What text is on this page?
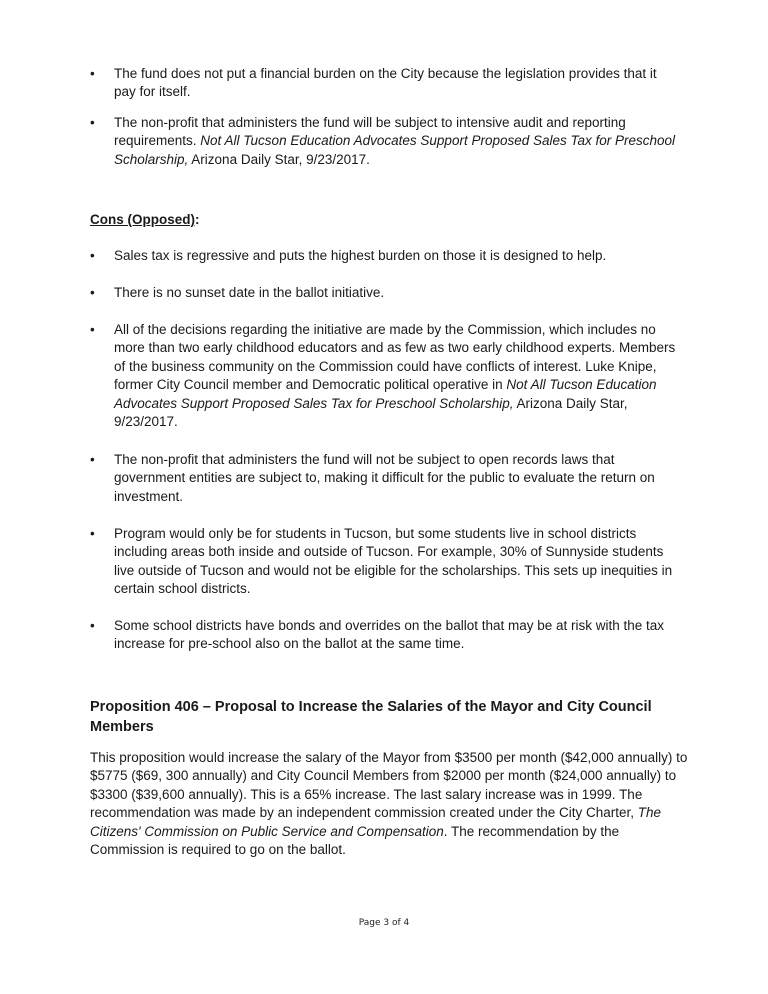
• The fund does not put a financial burden on the City because the legislation provides that it pay for itself.
• The non-profit that administers the fund will be subject to intensive audit and reporting requirements. Not All Tucson Education Advocates Support Proposed Sales Tax for Preschool Scholarship, Arizona Daily Star, 9/23/2017.
Cons (Opposed):
• Sales tax is regressive and puts the highest burden on those it is designed to help.
• There is no sunset date in the ballot initiative.
• All of the decisions regarding the initiative are made by the Commission, which includes no more than two early childhood educators and as few as two early childhood experts. Members of the business community on the Commission could have conflicts of interest. Luke Knipe, former City Council member and Democratic political operative in Not All Tucson Education Advocates Support Proposed Sales Tax for Preschool Scholarship, Arizona Daily Star, 9/23/2017.
• The non-profit that administers the fund will not be subject to open records laws that government entities are subject to, making it difficult for the public to evaluate the return on investment.
• Program would only be for students in Tucson, but some students live in school districts including areas both inside and outside of Tucson. For example, 30% of Sunnyside students live outside of Tucson and would not be eligible for the scholarships. This sets up inequities in certain school districts.
• Some school districts have bonds and overrides on the ballot that may be at risk with the tax increase for pre-school also on the ballot at the same time.
Proposition 406 – Proposal to Increase the Salaries of the Mayor and City Council Members
This proposition would increase the salary of the Mayor from $3500 per month ($42,000 annually) to $5775 ($69, 300 annually) and City Council Members from $2000 per month ($24,000 annually) to $3300 ($39,600 annually). This is a 65% increase. The last salary increase was in 1999. The recommendation was made by an independent commission created under the City Charter, The Citizens' Commission on Public Service and Compensation. The recommendation by the Commission is required to go on the ballot.
Page 3 of 4
